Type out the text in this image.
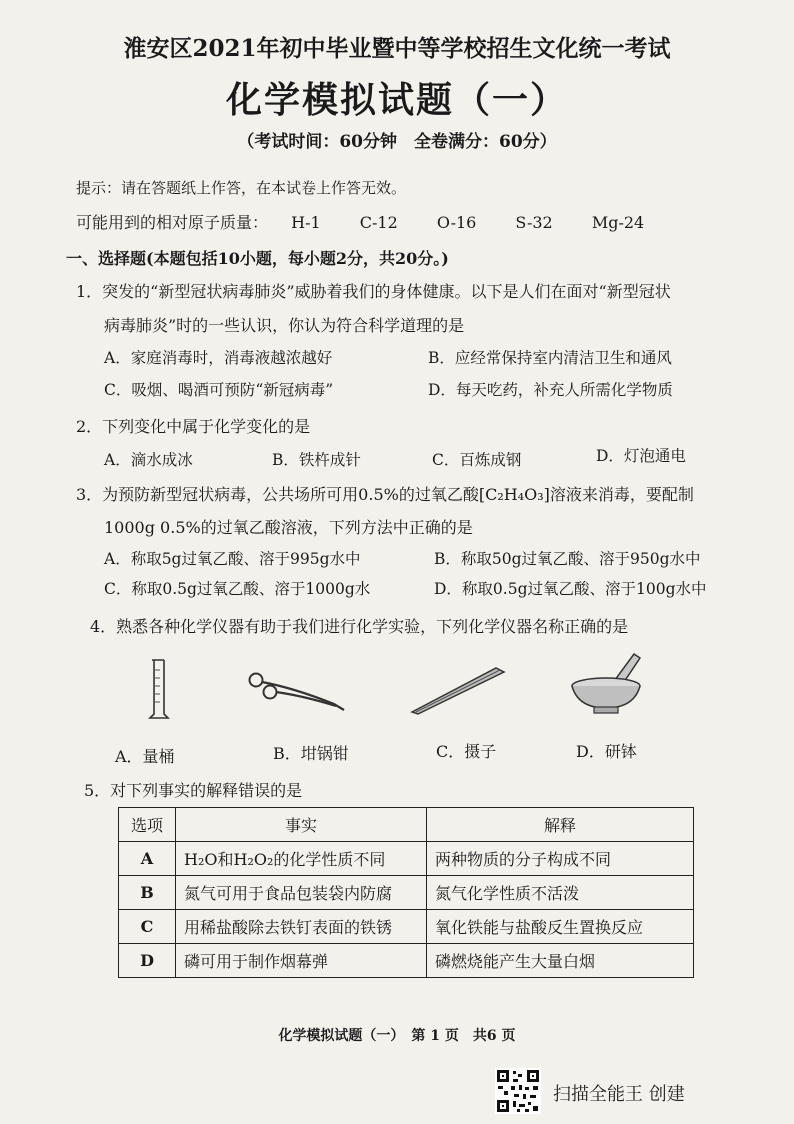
淮安区2021年初中毕业暨中等学校招生文化统一考试
化学模拟试题（一）
（考试时间：60分钟　全卷满分：60分）
提示：请在答题纸上作答，在本试卷上作答无效。
可能用到的相对原子质量： H-1 C-12 O-16 S-32 Mg-24
一、选择题(本题包括10小题，每小题2分，共20分。)
1．突发的“新型冠状病毒肺炎”威胁着我们的身体健康。以下是人们在面对“新型冠状
病毒肺炎”时的一些认识，你认为符合科学道理的是
A．家庭消毒时，消毒液越浓越好	B．应经常保持室内清洁卫生和通风
C．吸烟、喝酒可预防“新冠病毒”	D．每天吃药，补充人所需化学物质
2．下列变化中属于化学变化的是
A．滴水成冰	B．铁杵成针	C．百炼成钢	D．灯泡通电
3．为预防新型冠状病毒，公共场所可用0.5%的过氧乙酸[C₂H₄O₃]溶液来消毒，要配制
1000g 0.5%的过氧乙酸溶液，下列方法中正确的是
A．称取5g过氧乙酸、溶于995g水中	B．称取50g过氧乙酸、溶于950g水中
C．称取0.5g过氧乙酸、溶于1000g水	D．称取0.5g过氧乙酸、溶于100g水中
4．熟悉各种化学仪器有助于我们进行化学实验，下列化学仪器名称正确的是
A．量桶	B．坩锅钳	C．摄子	D．研钵
5．对下列事实的解释错误的是
选项	事实	解释
A	H₂O和H₂O₂的化学性质不同	两种物质的分子构成不同
B	氮气可用于食品包装袋内防腐	氮气化学性质不活泼
C	用稀盐酸除去铁钉表面的铁锈	氧化铁能与盐酸反生置换反应
D	磷可用于制作烟幕弹	磷燃烧能产生大量白烟
化学模拟试题（一）　第 1 页　共6 页
扫描全能王 创建
